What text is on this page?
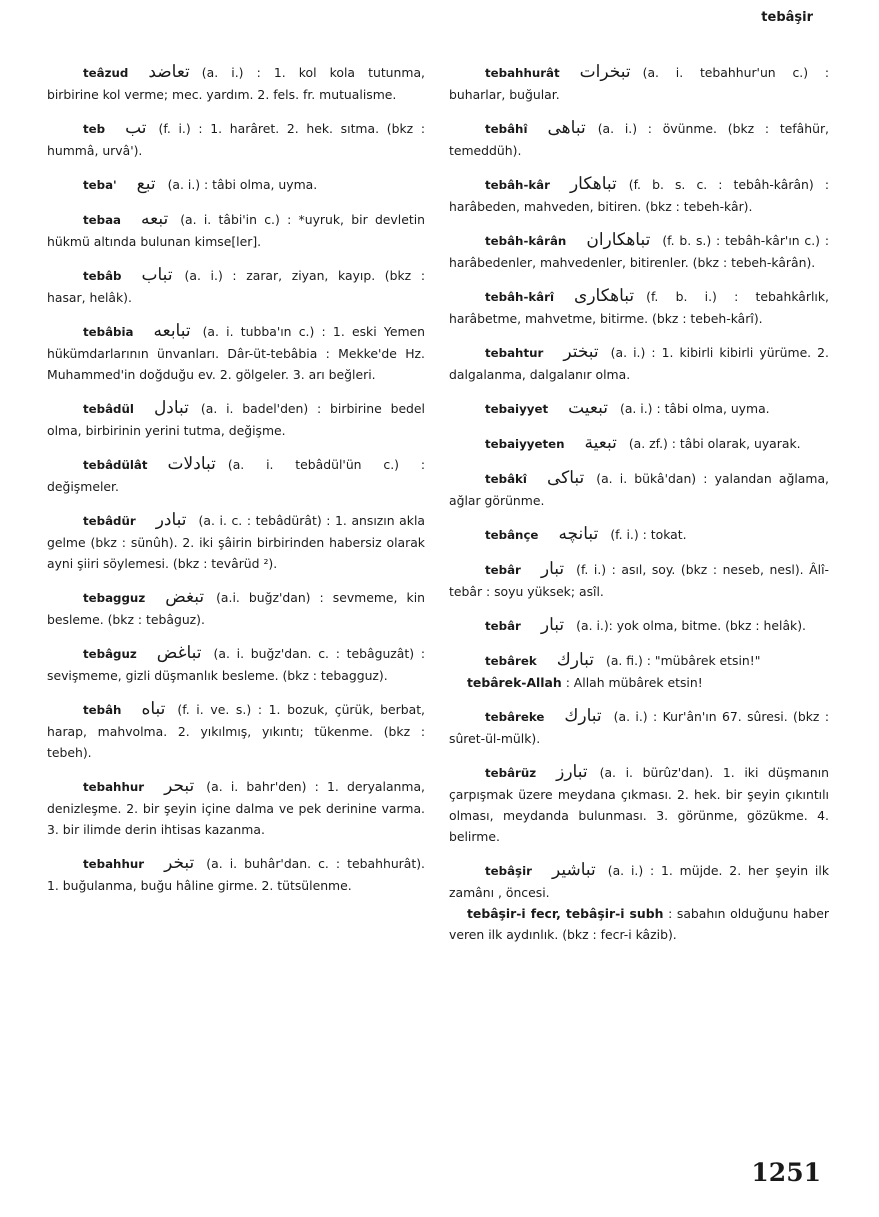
tebâşir

teâzud تعاضد (a. i.) : 1. kol kola tutunma, birbirine kol verme; mec. yardım. 2. fels. fr. mutualisme.

teb تب (f. i.) : 1. harâret. 2. hek. sıtma. (bkz : hummâ, urvâ').

teba' تبع (a. i.) : tâbi olma, uyma.

tebaa تبعه (a. i. tâbi'in c.) : *uyruk, bir devletin hükmü altında bulunan kimse[ler].

tebâb تباب (a. i.) : zarar, ziyan, kayıp. (bkz : hasar, helâk).

tebâbia تبابعه (a. i. tubba'ın c.) : 1. eski Yemen hükümdarlarının ünvanları. Dâr-üt-tebâbia : Mekke'de Hz. Muhammed'in doğduğu ev. 2. gölgeler. 3. arı beğleri.

tebâdül تبادل (a. i. badel'den) : birbirine bedel olma, birbirinin yerini tutma, değişme.

tebâdülât تبادلات (a. i. tebâdül'ün c.) : değişmeler.

tebâdür تبادر (a. i. c. : tebâdürât) : 1. ansızın akla gelme (bkz : sünûh). 2. iki şâirin birbirinden habersiz olarak ayni şiiri söylemesi. (bkz : tevârüd ²).

tebagguz تبغض (a.i. buğz'dan) : sevmeme, kin besleme. (bkz : tebâguz).

tebâguz تباغض (a. i. buğz'dan. c. : tebâguzât) : sevişmeme, gizli düşmanlık besleme. (bkz : tebagguz).

tebâh تباه (f. i. ve. s.) : 1. bozuk, çürük, berbat, harap, mahvolma. 2. yıkılmış, yıkıntı; tükenme. (bkz : tebeh).

tebahhur تبحر (a. i. bahr'den) : 1. deryalanma, denizleşme. 2. bir şeyin içine dalma ve pek derinine varma. 3. bir ilimde derin ihtisas kazanma.

tebahhur تبخر (a. i. buhâr'dan. c. : tebahhurât). 1. buğulanma, buğu hâline girme. 2. tütsülenme.

tebahhurât تبخرات (a. i. tebahhur'un c.) : buharlar, buğular.

tebâhî تباهى (a. i.) : övünme. (bkz : tefâhür, temeddüh).

tebâh-kâr تباهکار (f. b. s. c. : tebâh-kârân) : harâbeden, mahveden, bitiren. (bkz : tebeh-kâr).

tebâh-kârân تباهکاران (f. b. s.) : tebâh-kâr'ın c.) : harâbedenler, mahvedenler, bitirenler. (bkz : tebeh-kârân).

tebâh-kârî تباهکارى (f. b. i.) : tebahkârlık, harâbetme, mahvetme, bitirme. (bkz : tebeh-kârî).

tebahtur تبختر (a. i.) : 1. kibirli kibirli yürüme. 2. dalgalanma, dalgalanır olma.

tebaiyyet تبعیت (a. i.) : tâbi olma, uyma.

tebaiyyeten تبعیة (a. zf.) : tâbi olarak, uyarak.

tebâkî تباکى (a. i. bükâ'dan) : yalandan ağlama, ağlar görünme.

tebânçe تبانچه (f. i.) : tokat.

tebâr تبار (f. i.) : asıl, soy. (bkz : neseb, nesl). Âlî-tebâr : soyu yüksek; asîl.

tebâr تبار (a. i.): yok olma, bitme. (bkz : helâk).

tebârek تبارك (a. fi.) : "mübârek etsin!"

tebârek-Allah : Allah mübârek etsin!

tebâreke تبارك (a. i.) : Kur'ân'ın 67. sûresi. (bkz : sûret-ül-mülk).

tebârüz تبارز (a. i. bürûz'dan). 1. iki düşmanın çarpışmak üzere meydana çıkması. 2. hek. bir şeyin çıkıntılı olması, meydanda bulunması. 3. görünme, gözükme. 4. belirme.

tebâşir تباشیر (a. i.) : 1. müjde. 2. her şeyin ilk zamânı , öncesi.

tebâşir-i fecr, tebâşir-i subh : sabahın olduğunu haber veren ilk aydınlık. (bkz : fecr-i kâzib).

1251
